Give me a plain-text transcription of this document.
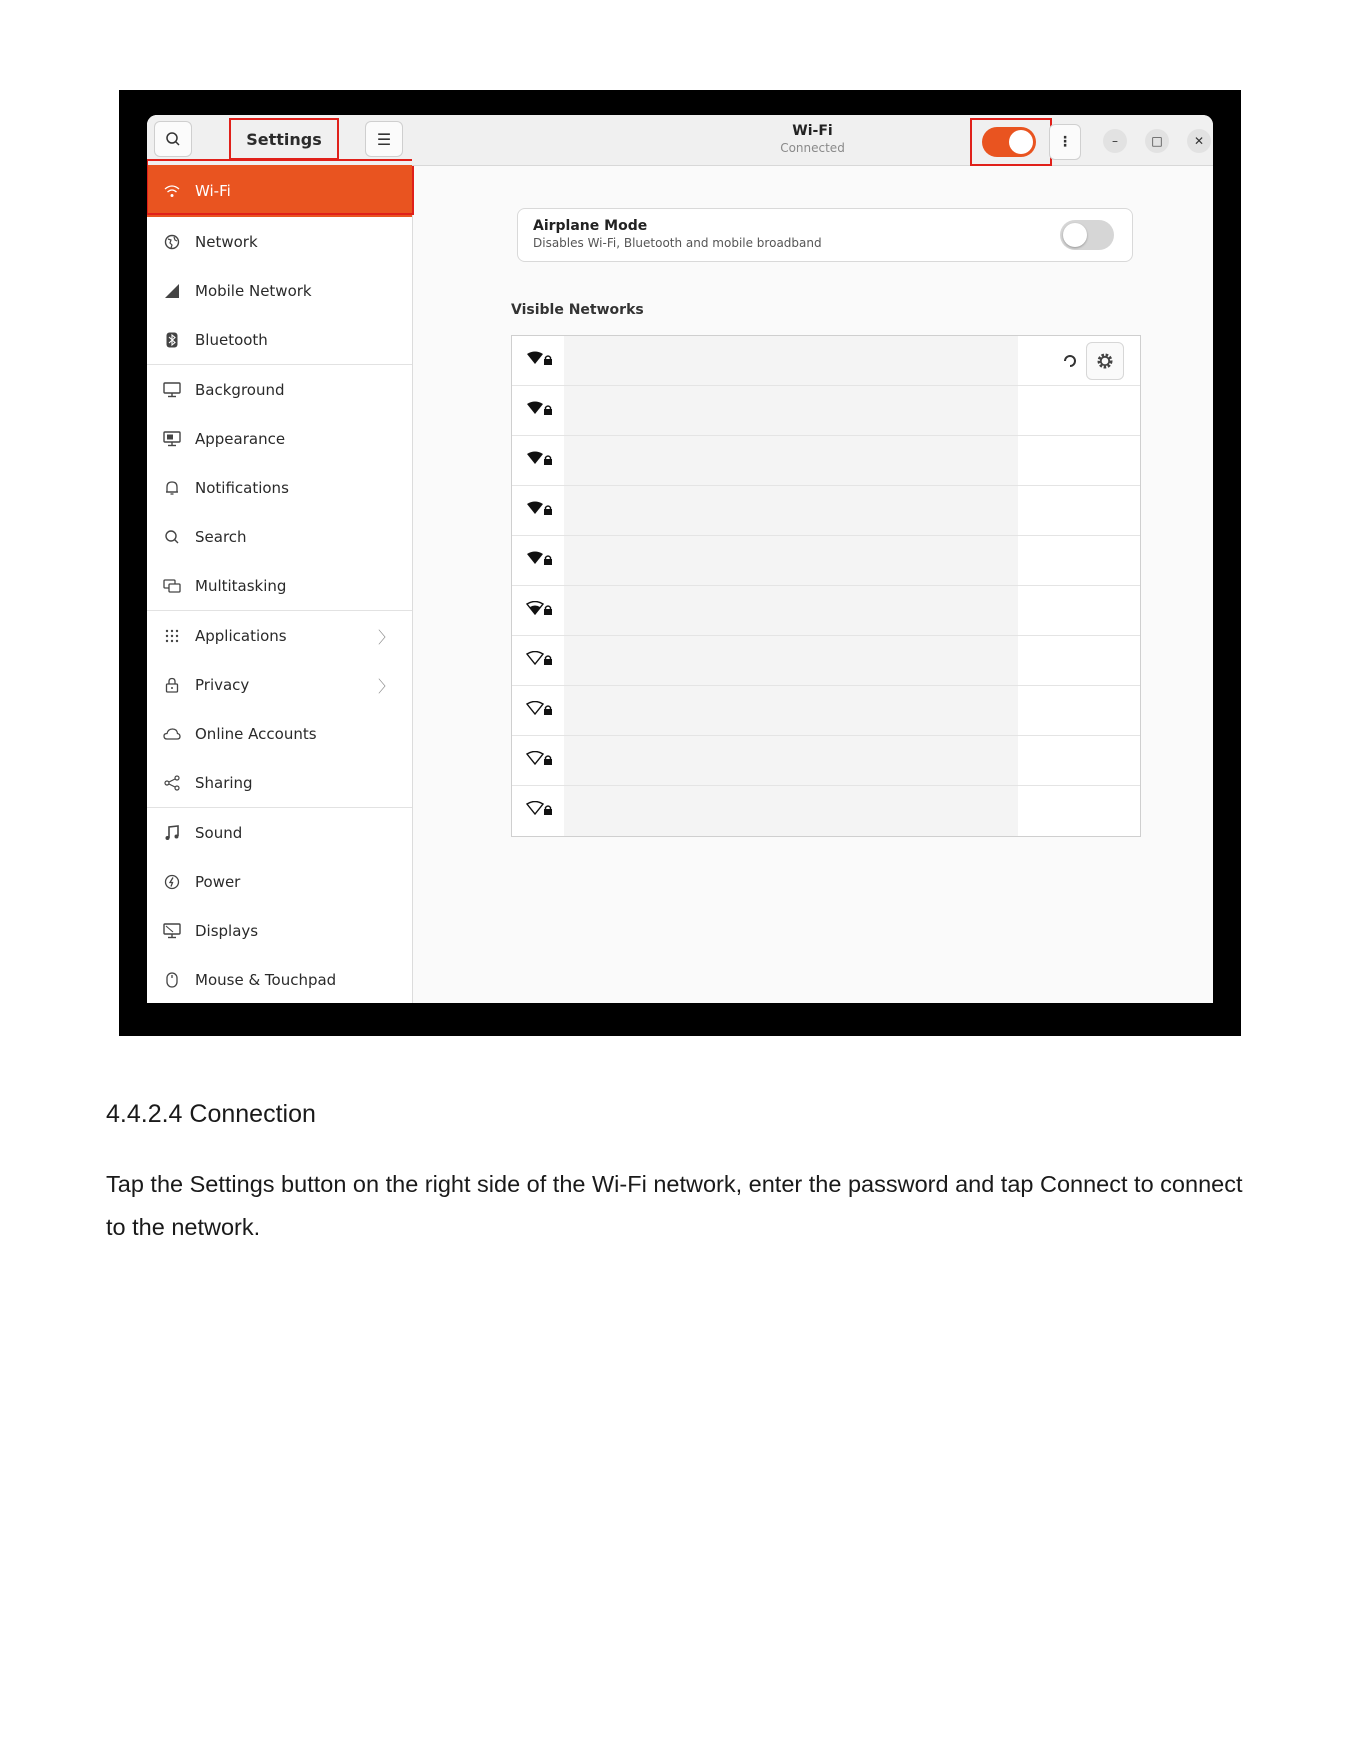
Settings	☰
Wi-Fi
Network
Mobile Network
Bluetooth
Background
Appearance
Notifications
Search
Multitasking
Applications	〉
Privacy	〉
Online Accounts
Sharing
Sound
Power
Displays
Mouse & Touchpad
Wi-Fi
Connected	⋮	–	□	✕
Airplane Mode
Disables Wi-Fi, Bluetooth and mobile broadband
Visible Networks
4.4.2.4 Connection
Tap the Settings button on the right side of the Wi-Fi network, enter the password and tap Connect to connect to the network.
